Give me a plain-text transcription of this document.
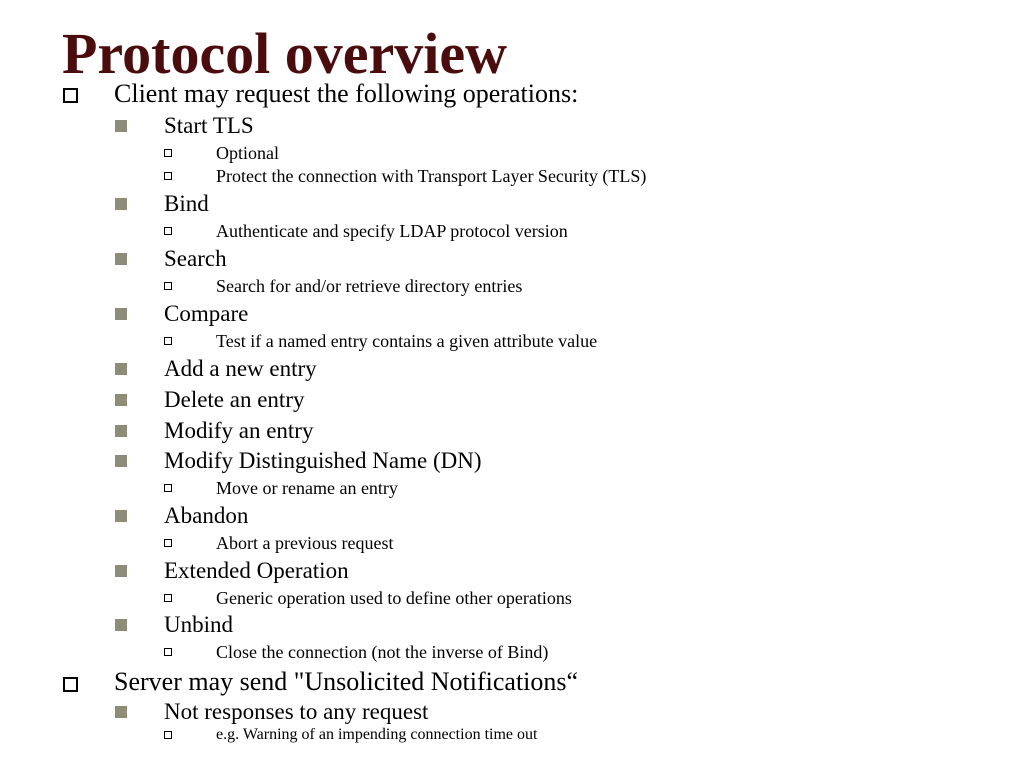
Protocol overview
Client may request the following operations:
Start TLS
Optional
Protect the connection with Transport Layer Security (TLS)
Bind
Authenticate and specify LDAP protocol version
Search
Search for and/or retrieve directory entries
Compare
Test if a named entry contains a given attribute value
Add a new entry
Delete an entry
Modify an entry
Modify Distinguished Name (DN)
Move or rename an entry
Abandon
Abort a previous request
Extended Operation
Generic operation used to define other operations
Unbind
Close the connection (not the inverse of Bind)
Server may send "Unsolicited Notifications“
Not responses to any request
e.g. Warning of an impending connection time out
